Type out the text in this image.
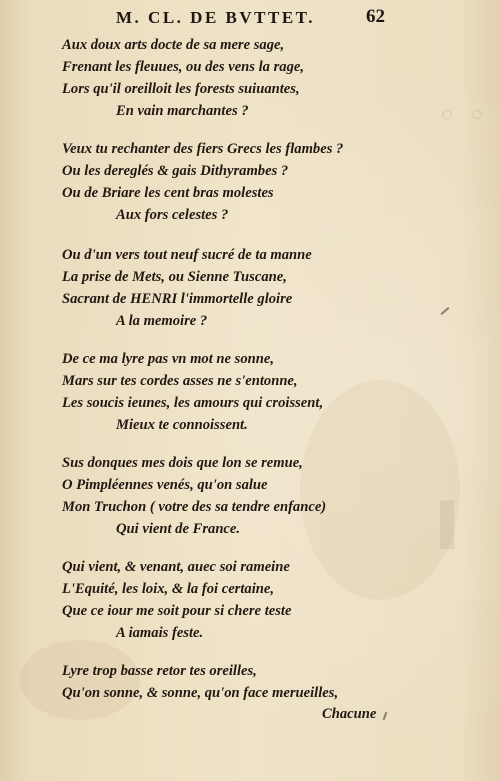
◦ ◦
▌
M. CL. DE BVTTET.	62
Aux doux arts docte de sa mere sage,
Frenant les fleuues, ou des vens la rage,
Lors qu'il oreilloit les forests suiuantes,
En vain marchantes ?
Veux tu rechanter des fiers Grecs les flambes ?
Ou les dereglés & gais Dithyrambes ?
Ou de Briare les cent bras molestes
Aux fors celestes ?
Ou d'un vers tout neuf sucré de ta manne
La prise de Mets, ou Sienne Tuscane,
Sacrant de HENRI l'immortelle gloire
A la memoire ?
De ce ma lyre pas vn mot ne sonne,
Mars sur tes cordes asses ne s'entonne,
Les soucis ieunes, les amours qui croissent,
Mieux te connoissent.
Sus donques mes dois que lon se remue,
O Pimpléennes venés, qu'on salue
Mon Truchon ( votre des sa tendre enfance)
Qui vient de France.
Qui vient, & venant, auec soi rameine
L'Equité, les loix, & la foi certaine,
Que ce iour me soit pour si chere teste
A iamais feste.
Lyre trop basse retor tes oreilles,
Qu'on sonne, & sonne, qu'on face merueilles,
Chacune
